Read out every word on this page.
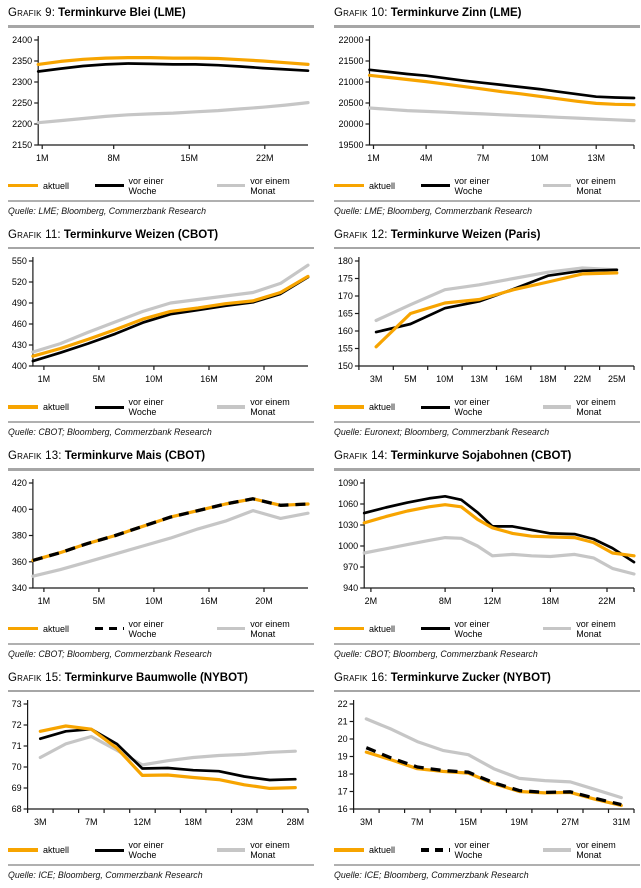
Grafik 9: Terminkurve Blei (LME)
2150
2200
2250
2300
2350
2400
1M	8M	15M	22M
aktuell	vor einer Woche
vor einem Monat
Quelle: LME; Bloomberg, Commerzbank Research
Grafik 10: Terminkurve Zinn (LME)
19500
20000
20500
21000
21500
22000
1M	4M	7M	10M	13M
aktuell	vor einer Woche
vor einem Monat
Quelle: LME; Bloomberg, Commerzbank Research
Grafik 11: Terminkurve Weizen (CBOT)
400
430
460
490
520
550
1M	5M	10M	16M	20M
aktuell	vor einer Woche
vor einem Monat
Quelle: CBOT; Bloomberg, Commerzbank Research
Grafik 12: Terminkurve Weizen (Paris)
150
155
160
165
170
175
180
3M 5M 10M 13M 16M 18M 22M 25M
aktuell	vor einer Woche
vor einem Monat
Quelle: Euronext; Bloomberg, Commerzbank Research
Grafik 13: Terminkurve Mais (CBOT)
340
360
380
400
420
1M	5M	10M	16M	20M
aktuell	vor einer Woche
vor einem Monat
Quelle: CBOT; Bloomberg, Commerzbank Research
Grafik 14: Terminkurve Sojabohnen (CBOT)
940
970
1000
1030
1060
1090
2M	8M	12M	18M	22M
aktuell	vor einer Woche
vor einem Monat
Quelle: CBOT; Bloomberg, Commerzbank Research
Grafik 15: Terminkurve Baumwolle (NYBOT)
68
69
70
71
72
73
3M	7M	12M	18M	23M	28M
aktuell	vor einer Woche
vor einem Monat
Quelle: ICE; Bloomberg, Commerzbank Research
Grafik 16: Terminkurve Zucker (NYBOT)
16
17
18
19
20
21
22
3M	7M	15M	19M	27M	31M
aktuell	vor einer Woche
vor einem Monat
Quelle: ICE; Bloomberg, Commerzbank Research
